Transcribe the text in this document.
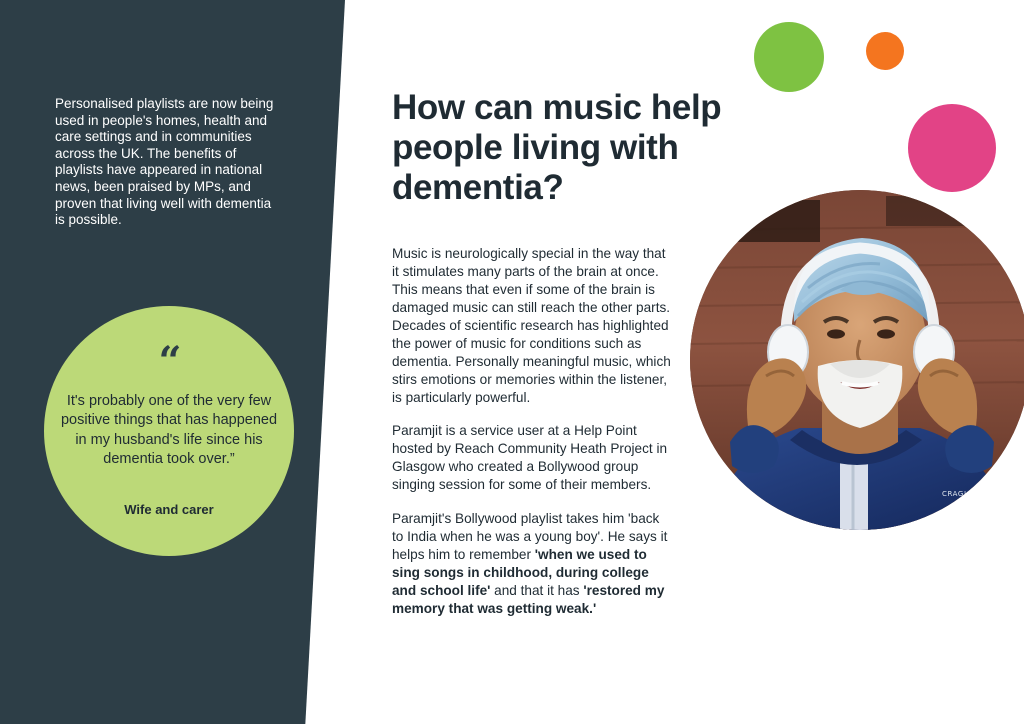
Personalised playlists are now being used in people's homes, health and care settings and in communities across the UK. The benefits of playlists have appeared in national news, been praised by MPs, and proven that living well with dementia is possible.
“
It's probably one of the very few positive things that has happened in my husband's life since his dementia took over.”
Wife and carer
CRAGHOPPERS
How can music help people living with dementia?

Music is neurologically special in the way that it stimulates many parts of the brain at once. This means that even if some of the brain is damaged music can still reach the other parts. Decades of scientific research has highlighted the power of music for conditions such as dementia. Personally meaningful music, which stirs emotions or memories within the listener, is particularly powerful.

Paramjit is a service user at a Help Point hosted by Reach Community Heath Project in Glasgow who created a Bollywood group singing session for some of their members.

Paramjit's Bollywood playlist takes him 'back to India when he was a young boy'. He says it helps him to remember 'when we used to sing songs in childhood, during college and school life' and that it has 'restored my memory that was getting weak.'
